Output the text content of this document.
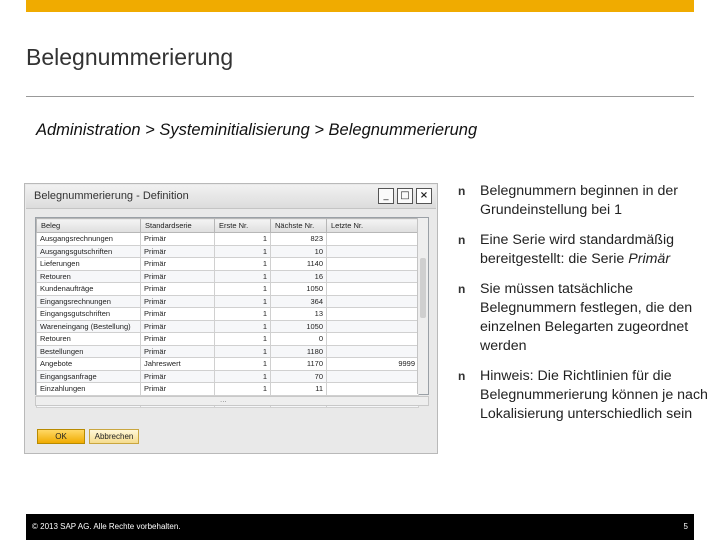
Belegnummerierung
Administration > Systeminitialisierung > Belegnummerierung
Belegnummerierung - Definition	_	□	×
Beleg	Standardserie	Erste Nr.	Nächste Nr.	Letzte Nr.
Ausgangsrechnungen	Primär	1	823	
Ausgangsgutschriften	Primär	1	10	
Lieferungen	Primär	1	1140	
Retouren	Primär	1	16	
Kundenaufträge	Primär	1	1050	
Eingangsrechnungen	Primär	1	364	
Eingangsgutschriften	Primär	1	13	
Wareneingang (Bestellung)	Primär	1	1050	
Retouren	Primär	1	0	
Bestellungen	Primär	1	1180	
Angebote	Jahreswert	1	1170	9999
Eingangsanfrage	Primär	1	70	
Einzahlungen	Primär	1	11	

...
OK	Abbrechen
n Belegnummern beginnen in der Grundeinstellung bei 1
n Eine Serie wird standardmäßig bereitgestellt: die Serie Primär
n Sie müssen tatsächliche Belegnummern festlegen, die den einzelnen Belegarten zugeordnet werden
n Hinweis: Die Richtlinien für die Belegnummerierung können je nach Lokalisierung unterschiedlich sein
© 2013 SAP AG. Alle Rechte vorbehalten.	5
